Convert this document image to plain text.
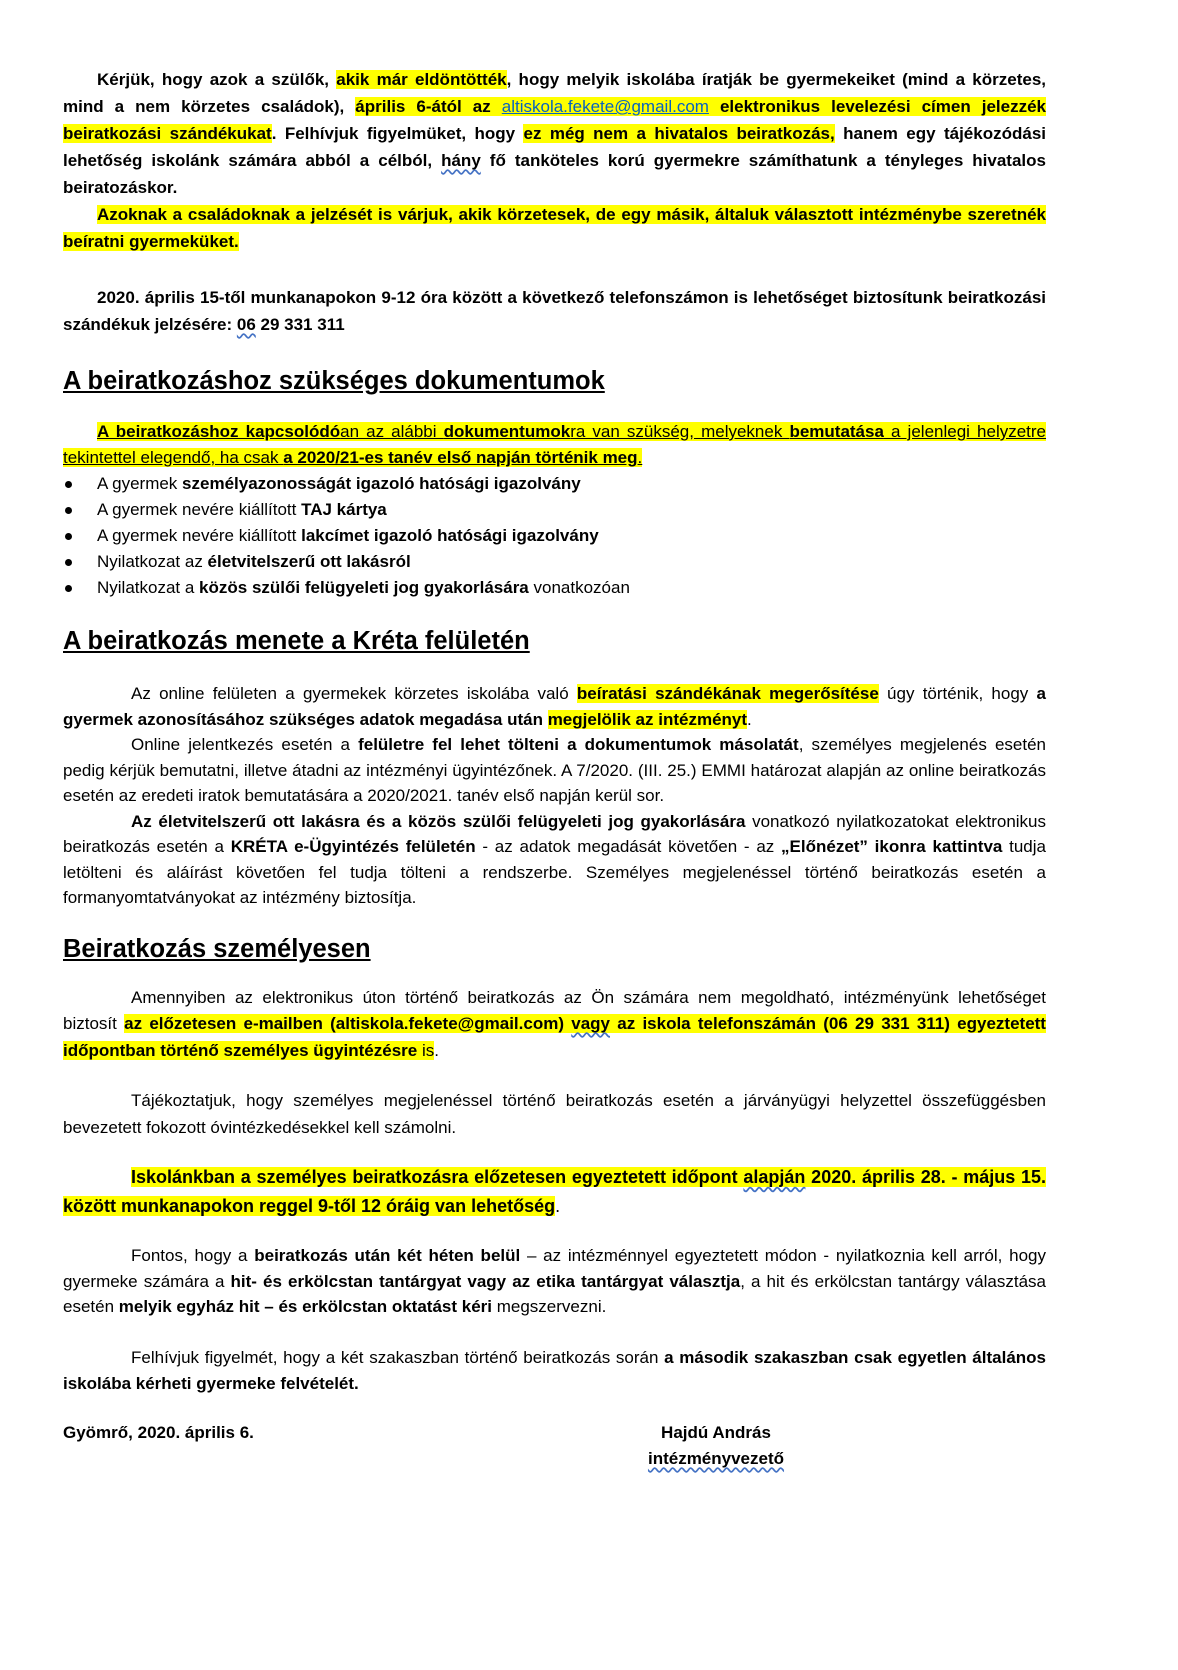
Kérjük, hogy azok a szülők, akik már eldöntötték, hogy melyik iskolába íratják be gyermekeiket (mind a körzetes, mind a nem körzetes családok), április 6-ától az altiskola.fekete@gmail.com elektronikus levelezési címen jelezzék beiratkozási szándékukat. Felhívjuk figyelmüket, hogy ez még nem a hivatalos beiratkozás, hanem egy tájékozódási lehetőség iskolánk számára abból a célból, hány fő tanköteles korú gyermekre számíthatunk a tényleges hivatalos beiratozáskor.

Azoknak a családoknak a jelzését is várjuk, akik körzetesek, de egy másik, általuk választott intézménybe szeretnék beíratni gyermeküket.

2020. április 15-től munkanapokon 9-12 óra között a következő telefonszámon is lehetőséget biztosítunk beiratkozási szándékuk jelzésére: 06 29 331 311

A beiratkozáshoz szükséges dokumentumok

A beiratkozáshoz kapcsolódóan az alábbi dokumentumokra van szükség, melyeknek bemutatása a jelenlegi helyzetre tekintettel elegendő, ha csak a 2020/21-es tanév első napján történik meg.

A gyermek személyazonosságát igazoló hatósági igazolvány
A gyermek nevére kiállított TAJ kártya
A gyermek nevére kiállított lakcímet igazoló hatósági igazolvány
Nyilatkozat az életvitelszerű ott lakásról
Nyilatkozat a közös szülői felügyeleti jog gyakorlására vonatkozóan
A beiratkozás menete a Kréta felületén

Az online felületen a gyermekek körzetes iskolába való beíratási szándékának megerősítése úgy történik, hogy a gyermek azonosításához szükséges adatok megadása után megjelölik az intézményt.

Online jelentkezés esetén a felületre fel lehet tölteni a dokumentumok másolatát, személyes megjelenés esetén pedig kérjük bemutatni, illetve átadni az intézményi ügyintézőnek. A 7/2020. (III. 25.) EMMI határozat alapján az online beiratkozás esetén az eredeti iratok bemutatására a 2020/2021. tanév első napján kerül sor.

Az életvitelszerű ott lakásra és a közös szülői felügyeleti jog gyakorlására vonatkozó nyilatkozatokat elektronikus beiratkozás esetén a KRÉTA e-Ügyintézés felületén - az adatok megadását követően - az „Előnézet” ikonra kattintva tudja letölteni és aláírást követően fel tudja tölteni a rendszerbe. Személyes megjelenéssel történő beiratkozás esetén a formanyomtatványokat az intézmény biztosítja.

Beiratkozás személyesen

Amennyiben az elektronikus úton történő beiratkozás az Ön számára nem megoldható, intézményünk lehetőséget biztosít az előzetesen e-mailben (altiskola.fekete@gmail.com) vagy az iskola telefonszámán (06 29 331 311) egyeztetett időpontban történő személyes ügyintézésre is.

Tájékoztatjuk, hogy személyes megjelenéssel történő beiratkozás esetén a járványügyi helyzettel összefüggésben bevezetett fokozott óvintézkedésekkel kell számolni.

Iskolánkban a személyes beiratkozásra előzetesen egyeztetett időpont alapján 2020. április 28. - május 15. között munkanapokon reggel 9-től 12 óráig van lehetőség.

Fontos, hogy a beiratkozás után két héten belül – az intézménnyel egyeztetett módon - nyilatkoznia kell arról, hogy gyermeke számára a hit- és erkölcstan tantárgyat vagy az etika tantárgyat választja, a hit és erkölcstan tantárgy választása esetén melyik egyház hit – és erkölcstan oktatást kéri megszervezni.

Felhívjuk figyelmét, hogy a két szakaszban történő beiratkozás során a második szakaszban csak egyetlen általános iskolába kérheti gyermeke felvételét.

Gyömrő, 2020. április 6.	Hajdú András
intézményvezető
